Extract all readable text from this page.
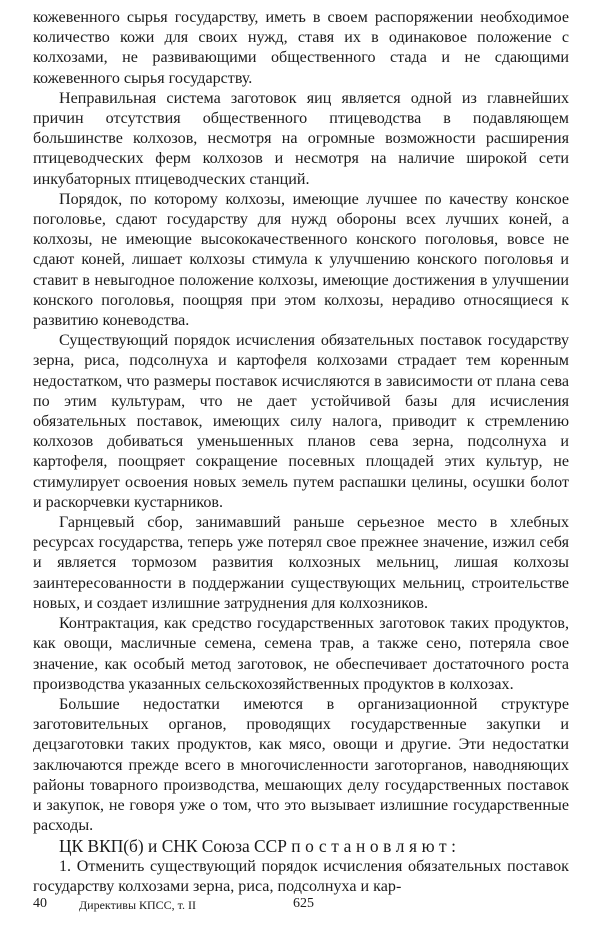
кожевенного сырья государству, иметь в своем распоряжении необходимое количество кожи для своих нужд, ставя их в одинаковое положение с колхозами, не развивающими общественного стада и не сдающими кожевенного сырья государству.

Неправильная система заготовок яиц является одной из главнейших причин отсутствия общественного птицеводства в подавляющем большинстве колхозов, несмотря на огромные возможности расширения птицеводческих ферм колхозов и несмотря на наличие широкой сети инкубаторных птицеводческих станций.

Порядок, по которому колхозы, имеющие лучшее по качеству конское поголовье, сдают государству для нужд обороны всех лучших коней, а колхозы, не имеющие высококачественного конского поголовья, вовсе не сдают коней, лишает колхозы стимула к улучшению конского поголовья и ставит в невыгодное положение колхозы, имеющие достижения в улучшении конского поголовья, поощряя при этом колхозы, нерадиво относящиеся к развитию коневодства.

Существующий порядок исчисления обязательных поставок государству зерна, риса, подсолнуха и картофеля колхозами страдает тем коренным недостатком, что размеры поставок исчисляются в зависимости от плана сева по этим культурам, что не дает устойчивой базы для исчисления обязательных поставок, имеющих силу налога, приводит к стремлению колхозов добиваться уменьшенных планов сева зерна, подсолнуха и картофеля, поощряет сокращение посевных площадей этих культур, не стимулирует освоения новых земель путем распашки целины, осушки болот и раскорчевки кустарников.

Гарнцевый сбор, занимавший раньше серьезное место в хлебных ресурсах государства, теперь уже потерял свое прежнее значение, изжил себя и является тормозом развития колхозных мельниц, лишая колхозы заинтересованности в поддержании существующих мельниц, строительстве новых, и создает излишние затруднения для колхозников.

Контрактация, как средство государственных заготовок таких продуктов, как овощи, масличные семена, семена трав, а также сено, потеряла свое значение, как особый метод заготовок, не обеспечивает достаточного роста производства указанных сельскохозяйственных продуктов в колхозах.

Большие недостатки имеются в организационной структуре заготовительных органов, проводящих государственные закупки и децзаготовки таких продуктов, как мясо, овощи и другие. Эти недостатки заключаются прежде всего в многочисленности заготорганов, наводняющих районы товарного производства, мешающих делу государственных поставок и закупок, не говоря уже о том, что это вызывает излишние государственные расходы.

ЦК ВКП(б) и СНК Союза ССР постановляют:

1. Отменить существующий порядок исчисления обязательных поставок государству колхозами зерна, риса, подсолнуха и кар-

40	Директивы КПСС, т. II	625
